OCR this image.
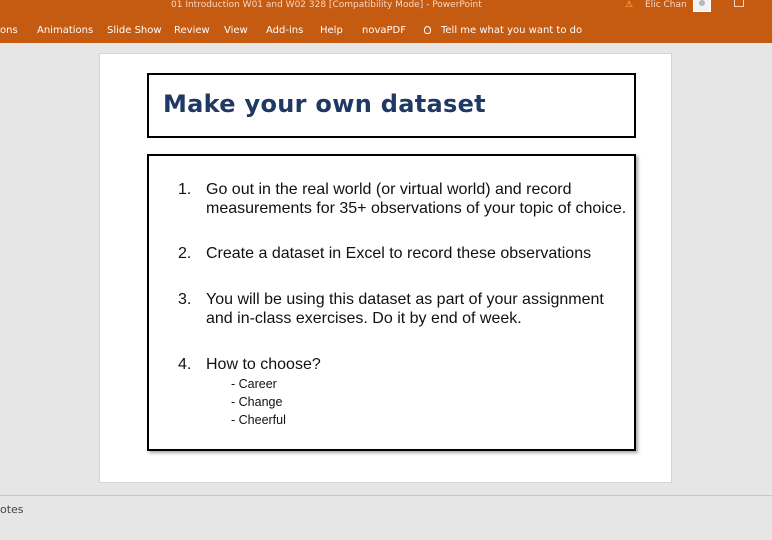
01 Introduction W01 and W02 328 [Compatibility Mode] - PowerPoint	⚠ Elic Chan
ons Animations Slide Show Review View Add-ins Help novaPDF	Tell me what you want to do
Make your own dataset
1. Go out in the real world (or virtual world) and record
measurements for 35+ observations of your topic of choice.
2. Create a dataset in Excel to record these observations
3. You will be using this dataset as part of your assignment
and in-class exercises. Do it by end of week.
4. How to choose?
- Career
- Change
- Cheerful
otes
